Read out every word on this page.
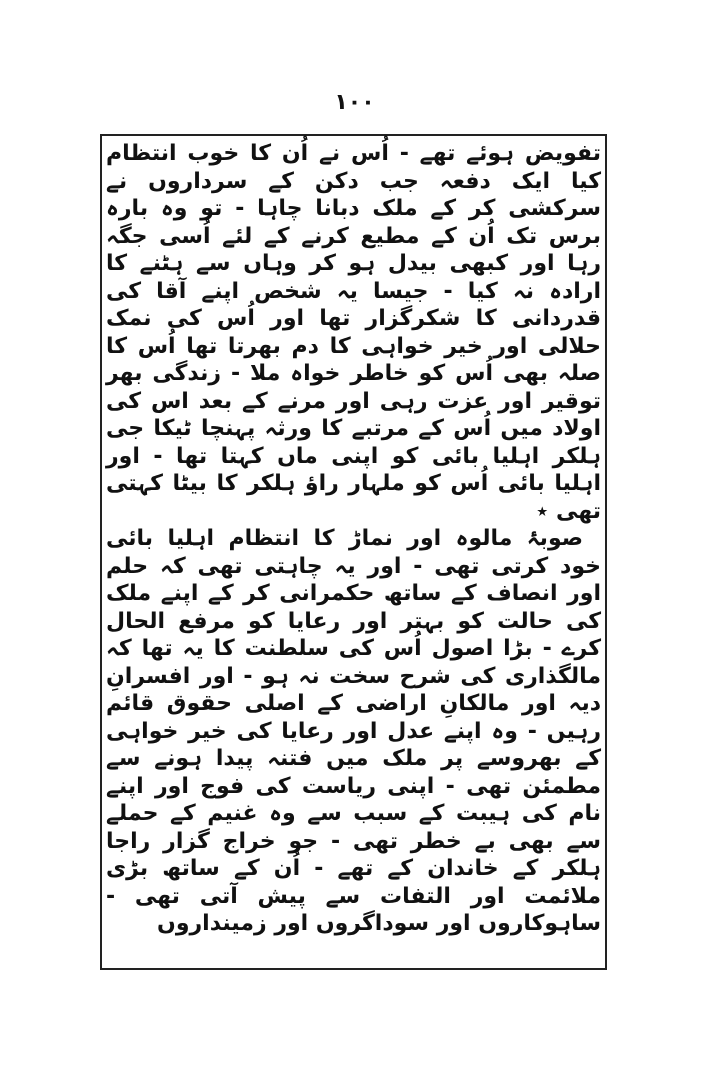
۱۰۰

تفویض ہوئے تھے - اُس نے اُن کا خوب انتظام کیا ایک دفعہ جب دکن کے سرداروں نے سرکشی کر کے ملک دبانا چاہا - تو وہ بارہ برس تک اُن کے مطیع کرنے کے لئے اُسی جگہ رہا اور کبھی بیدل ہو کر وہاں سے ہٹنے کا ارادہ نہ کیا - جیسا یہ شخص اپنے آقا کی قدردانی کا شکرگزار تھا اور اُس کی نمک حلالی اور خیر خواہی کا دم بھرتا تھا اُس کا صلہ بھی اُس کو خاطر خواہ ملا - زندگی بھر توقیر اور عزت رہی اور مرنے کے بعد اس کی اولاد میں اُس کے مرتبے کا ورثہ پہنچا ٹیکا جی ہلکر اہلیا بائی کو اپنی ماں کہتا تھا - اور اہلیا بائی اُس کو ملہار راؤ ہلکر کا بیٹا کہتی تھی ٭

صوبۂ مالوہ اور نماڑ کا انتظام اہلیا بائی خود کرتی تھی - اور یہ چاہتی تھی کہ حلم اور انصاف کے ساتھ حکمرانی کر کے اپنے ملک کی حالت کو بہتر اور رعایا کو مرفع الحال کرے - بڑا اصول اُس کی سلطنت کا یہ تھا کہ مالگذاری کی شرح سخت نہ ہو - اور افسرانِ دیہ اور مالکانِ اراضی کے اصلی حقوق قائم رہیں - وہ اپنے عدل اور رعایا کی خیر خواہی کے بھروسے پر ملک میں فتنہ پیدا ہونے سے مطمئن تھی - اپنی ریاست کی فوج اور اپنے نام کی ہیبت کے سبب سے وہ غنیم کے حملے سے بھی بے خطر تھی - جو خراج گزار راجا ہلکر کے خاندان کے تھے - اُن کے ساتھ بڑی ملائمت اور التفات سے پیش آتی تھی - ساہوکاروں اور سوداگروں اور زمینداروں
